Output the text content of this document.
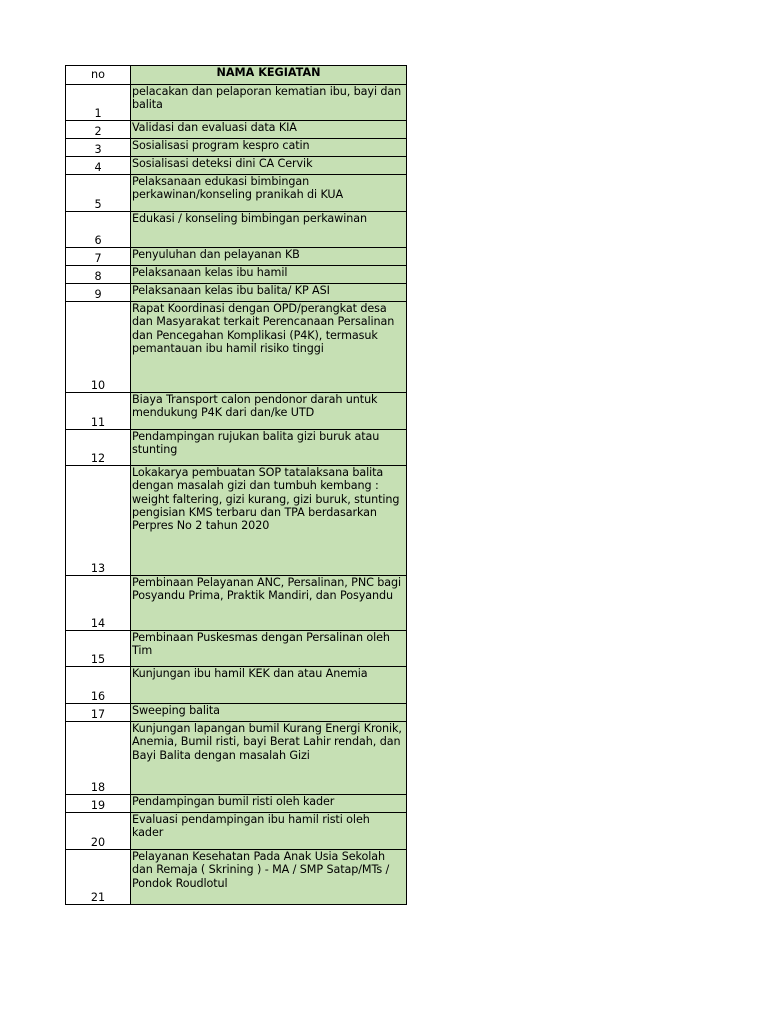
no	NAMA KEGIATAN
1	pelacakan dan pelaporan kematian ibu, bayi dan balita
2	Validasi dan evaluasi data KIA
3	Sosialisasi program kespro catin
4	Sosialisasi deteksi dini CA Cervik
5	Pelaksanaan edukasi bimbingan perkawinan/konseling pranikah di KUA
6	Edukasi / konseling bimbingan perkawinan
7	Penyuluhan dan pelayanan KB
8	Pelaksanaan kelas ibu hamil
9	Pelaksanaan kelas ibu balita/ KP ASI
10	Rapat Koordinasi dengan OPD/perangkat desa dan Masyarakat terkait Perencanaan Persalinan dan Pencegahan Komplikasi (P4K), termasuk pemantauan ibu hamil risiko tinggi
11	Biaya Transport calon pendonor darah untuk mendukung P4K dari dan/ke UTD
12	Pendampingan rujukan balita gizi buruk atau stunting
13	Lokakarya pembuatan SOP tatalaksana balita dengan masalah gizi dan tumbuh kembang : weight faltering, gizi kurang, gizi buruk, stunting pengisian KMS terbaru dan TPA berdasarkan Perpres No 2 tahun 2020
14	Pembinaan Pelayanan ANC, Persalinan, PNC bagi Posyandu Prima, Praktik Mandiri, dan Posyandu
15	Pembinaan Puskesmas dengan Persalinan oleh Tim
16	Kunjungan ibu hamil KEK dan atau Anemia
17	Sweeping balita
18	Kunjungan lapangan bumil Kurang Energi Kronik, Anemia, Bumil risti, bayi Berat Lahir rendah, dan Bayi Balita dengan masalah Gizi
19	Pendampingan bumil risti oleh kader
20	Evaluasi pendampingan ibu hamil risti oleh kader
21	Pelayanan Kesehatan Pada Anak Usia Sekolah dan Remaja ( Skrining ) - MA / SMP Satap/MTs / Pondok Roudlotul
